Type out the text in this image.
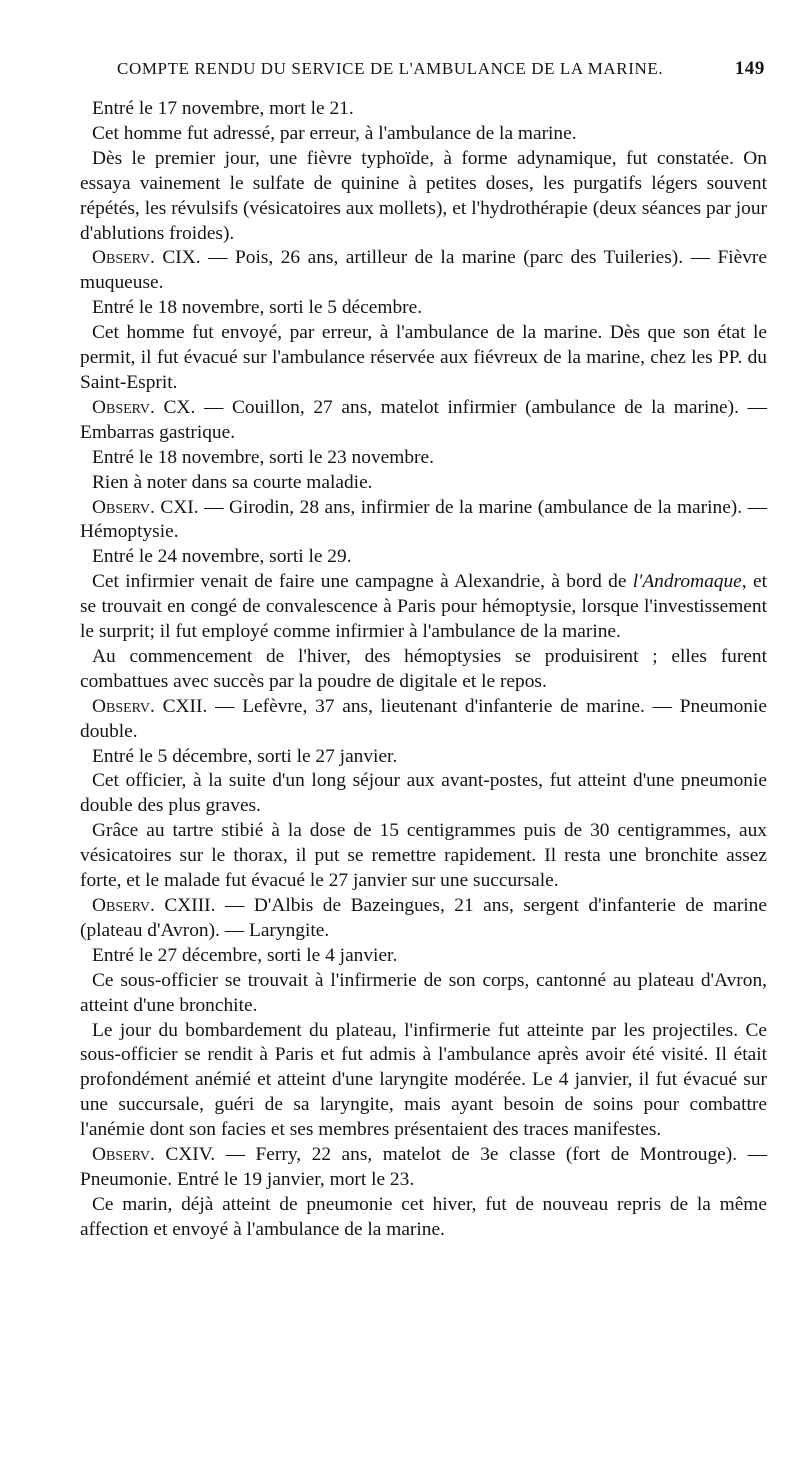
COMPTE RENDU DU SERVICE DE L'AMBULANCE DE LA MARINE.	149

Entré le 17 novembre, mort le 21.

Cet homme fut adressé, par erreur, à l'ambulance de la marine.

Dès le premier jour, une fièvre typhoïde, à forme adynamique, fut constatée. On essaya vainement le sulfate de quinine à petites doses, les purgatifs légers souvent répétés, les révulsifs (vésicatoires aux mollets), et l'hydrothérapie (deux séances par jour d'ablutions froides).

Observ. CIX. — Pois, 26 ans, artilleur de la marine (parc des Tuileries). — Fièvre muqueuse.

Entré le 18 novembre, sorti le 5 décembre.

Cet homme fut envoyé, par erreur, à l'ambulance de la marine. Dès que son état le permit, il fut évacué sur l'ambulance réservée aux fiévreux de la marine, chez les PP. du Saint-Esprit.

Observ. CX. — Couillon, 27 ans, matelot infirmier (ambulance de la marine). — Embarras gastrique.

Entré le 18 novembre, sorti le 23 novembre.

Rien à noter dans sa courte maladie.

Observ. CXI. — Girodin, 28 ans, infirmier de la marine (ambulance de la marine). — Hémoptysie.

Entré le 24 novembre, sorti le 29.

Cet infirmier venait de faire une campagne à Alexandrie, à bord de l'Andromaque, et se trouvait en congé de convalescence à Paris pour hémoptysie, lorsque l'investissement le surprit; il fut employé comme infirmier à l'ambulance de la marine.

Au commencement de l'hiver, des hémoptysies se produisirent ; elles furent combattues avec succès par la poudre de digitale et le repos.

Observ. CXII. — Lefèvre, 37 ans, lieutenant d'infanterie de marine. — Pneumonie double.

Entré le 5 décembre, sorti le 27 janvier.

Cet officier, à la suite d'un long séjour aux avant-postes, fut atteint d'une pneumonie double des plus graves.

Grâce au tartre stibié à la dose de 15 centigrammes puis de 30 centigrammes, aux vésicatoires sur le thorax, il put se remettre rapidement. Il resta une bronchite assez forte, et le malade fut évacué le 27 janvier sur une succursale.

Observ. CXIII. — D'Albis de Bazeingues, 21 ans, sergent d'infanterie de marine (plateau d'Avron). — Laryngite.

Entré le 27 décembre, sorti le 4 janvier.

Ce sous-officier se trouvait à l'infirmerie de son corps, cantonné au plateau d'Avron, atteint d'une bronchite.

Le jour du bombardement du plateau, l'infirmerie fut atteinte par les projectiles. Ce sous-officier se rendit à Paris et fut admis à l'ambulance après avoir été visité. Il était profondément anémié et atteint d'une laryngite modérée. Le 4 janvier, il fut évacué sur une succursale, guéri de sa laryngite, mais ayant besoin de soins pour combattre l'anémie dont son facies et ses membres présentaient des traces manifestes.

Observ. CXIV. — Ferry, 22 ans, matelot de 3e classe (fort de Montrouge). — Pneumonie. Entré le 19 janvier, mort le 23.

Ce marin, déjà atteint de pneumonie cet hiver, fut de nouveau repris de la même affection et envoyé à l'ambulance de la marine.
